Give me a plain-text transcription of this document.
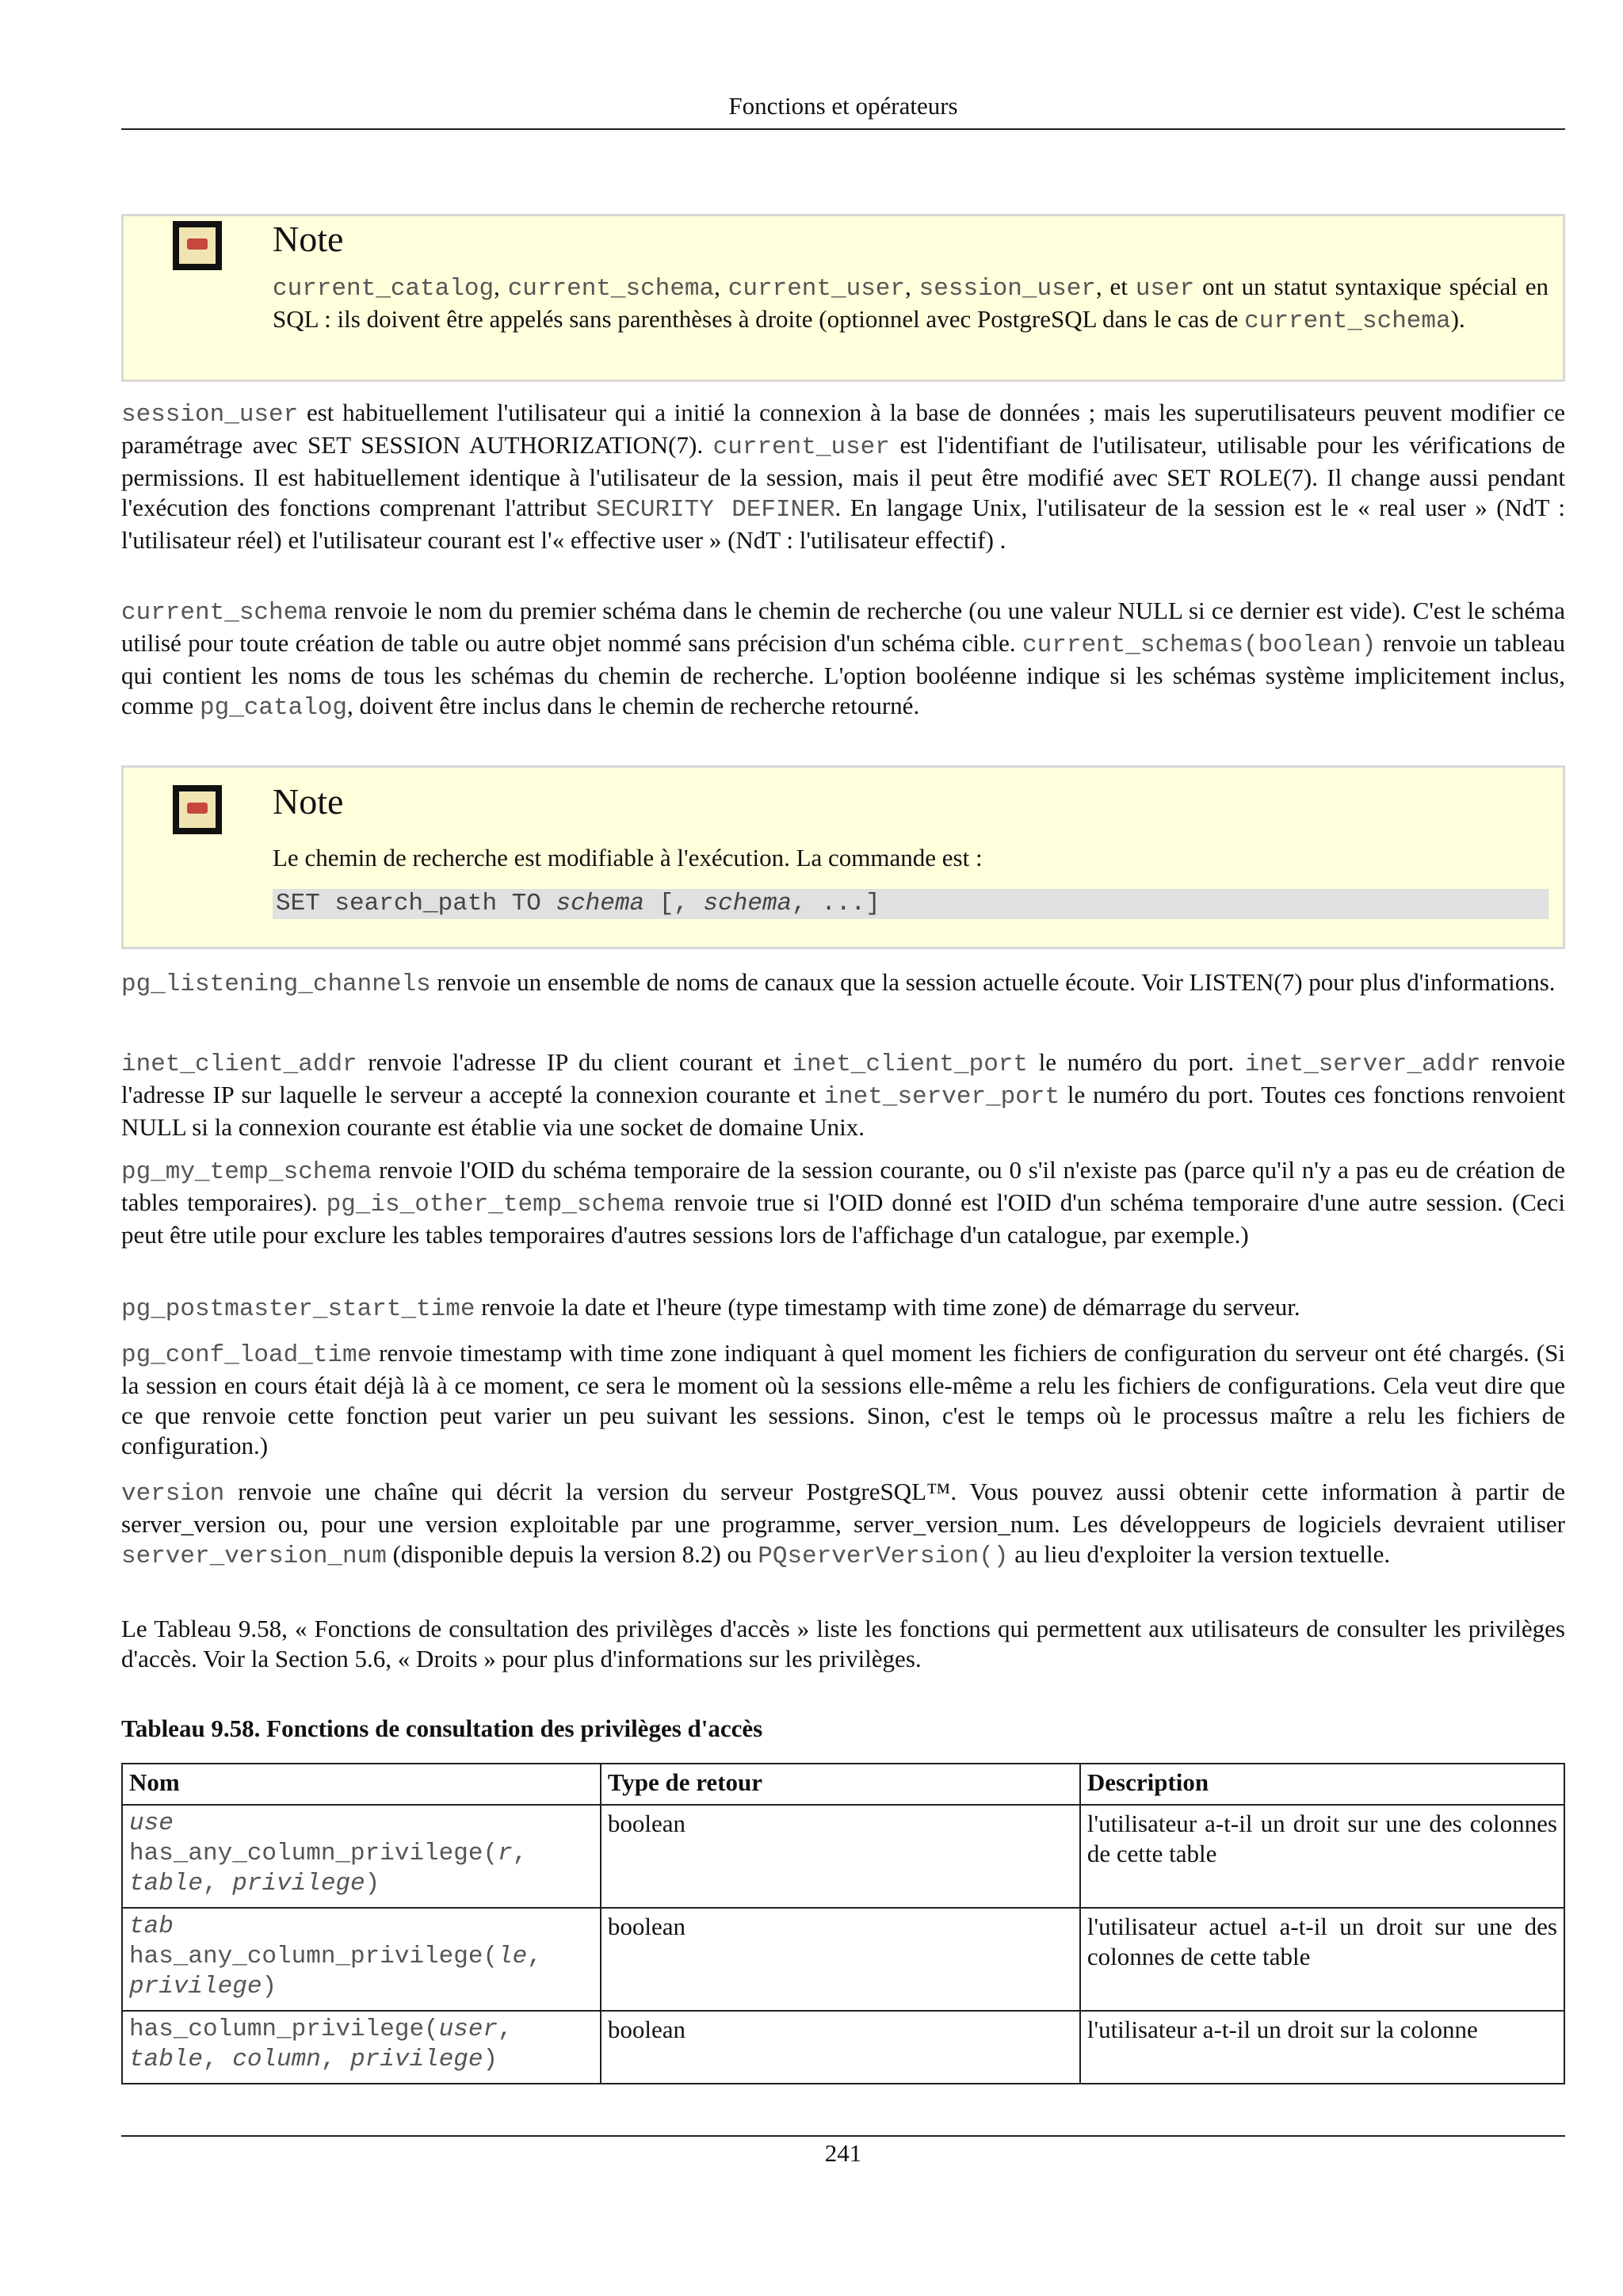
Fonctions et opérateurs
Note
current_catalog, current_schema, current_user, session_user, et user ont un statut syntaxique spécial en SQL : ils doivent être appelés sans parenthèses à droite (optionnel avec PostgreSQL dans le cas de current_schema).
session_user est habituellement l'utilisateur qui a initié la connexion à la base de données ; mais les superutilisateurs peuvent modifier ce paramétrage avec SET SESSION AUTHORIZATION(7). current_user est l'identifiant de l'utilisateur, utilisable pour les vérifications de permissions. Il est habituellement identique à l'utilisateur de la session, mais il peut être modifié avec SET ROLE(7). Il change aussi pendant l'exécution des fonctions comprenant l'attribut SECURITY DEFINER. En langage Unix, l'utilisateur de la session est le « real user » (NdT : l'utilisateur réel) et l'utilisateur courant est l'« effective user » (NdT : l'utilisateur effectif) .
current_schema renvoie le nom du premier schéma dans le chemin de recherche (ou une valeur NULL si ce dernier est vide). C'est le schéma utilisé pour toute création de table ou autre objet nommé sans précision d'un schéma cible. current_schemas(boolean) renvoie un tableau qui contient les noms de tous les schémas du chemin de recherche. L'option booléenne indique si les schémas système implicitement inclus, comme pg_catalog, doivent être inclus dans le chemin de recherche retourné.
Note
Le chemin de recherche est modifiable à l'exécution. La commande est :
SET search_path TO schema [, schema, ...]
pg_listening_channels renvoie un ensemble de noms de canaux que la session actuelle écoute. Voir LISTEN(7) pour plus d'informations.
inet_client_addr renvoie l'adresse IP du client courant et inet_client_port le numéro du port. inet_server_addr renvoie l'adresse IP sur laquelle le serveur a accepté la connexion courante et inet_server_port le numéro du port. Toutes ces fonctions renvoient NULL si la connexion courante est établie via une socket de domaine Unix.
pg_my_temp_schema renvoie l'OID du schéma temporaire de la session courante, ou 0 s'il n'existe pas (parce qu'il n'y a pas eu de création de tables temporaires). pg_is_other_temp_schema renvoie true si l'OID donné est l'OID d'un schéma temporaire d'une autre session. (Ceci peut être utile pour exclure les tables temporaires d'autres sessions lors de l'affichage d'un catalogue, par exemple.)
pg_postmaster_start_time renvoie la date et l'heure (type timestamp with time zone) de démarrage du serveur.
pg_conf_load_time renvoie timestamp with time zone indiquant à quel moment les fichiers de configuration du serveur ont été chargés. (Si la session en cours était déjà là à ce moment, ce sera le moment où la sessions elle-même a relu les fichiers de configurations. Cela veut dire que ce que renvoie cette fonction peut varier un peu suivant les sessions. Sinon, c'est le temps où le processus maître a relu les fichiers de configuration.)
version renvoie une chaîne qui décrit la version du serveur PostgreSQL™. Vous pouvez aussi obtenir cette information à partir de server_version ou, pour une version exploitable par une programme, server_version_num. Les développeurs de logiciels devraient utiliser server_version_num (disponible depuis la version 8.2) ou PQserverVersion() au lieu d'exploiter la version textuelle.
Le Tableau 9.58, « Fonctions de consultation des privilèges d'accès » liste les fonctions qui permettent aux utilisateurs de consulter les privilèges d'accès. Voir la Section 5.6, « Droits » pour plus d'informations sur les privilèges.
Tableau 9.58. Fonctions de consultation des privilèges d'accès
Nom	Type de retour	Description
use
has_any_column_privilege(r,
table, privilege)	boolean	l'utilisateur a-t-il un droit sur une des colonnes de cette table
tab
has_any_column_privilege(le,
privilege)	boolean	l'utilisateur actuel a-t-il un droit sur une des colonnes de cette table
has_column_privilege(user,
table, column, privilege)	boolean	l'utilisateur a-t-il un droit sur la colonne
241
